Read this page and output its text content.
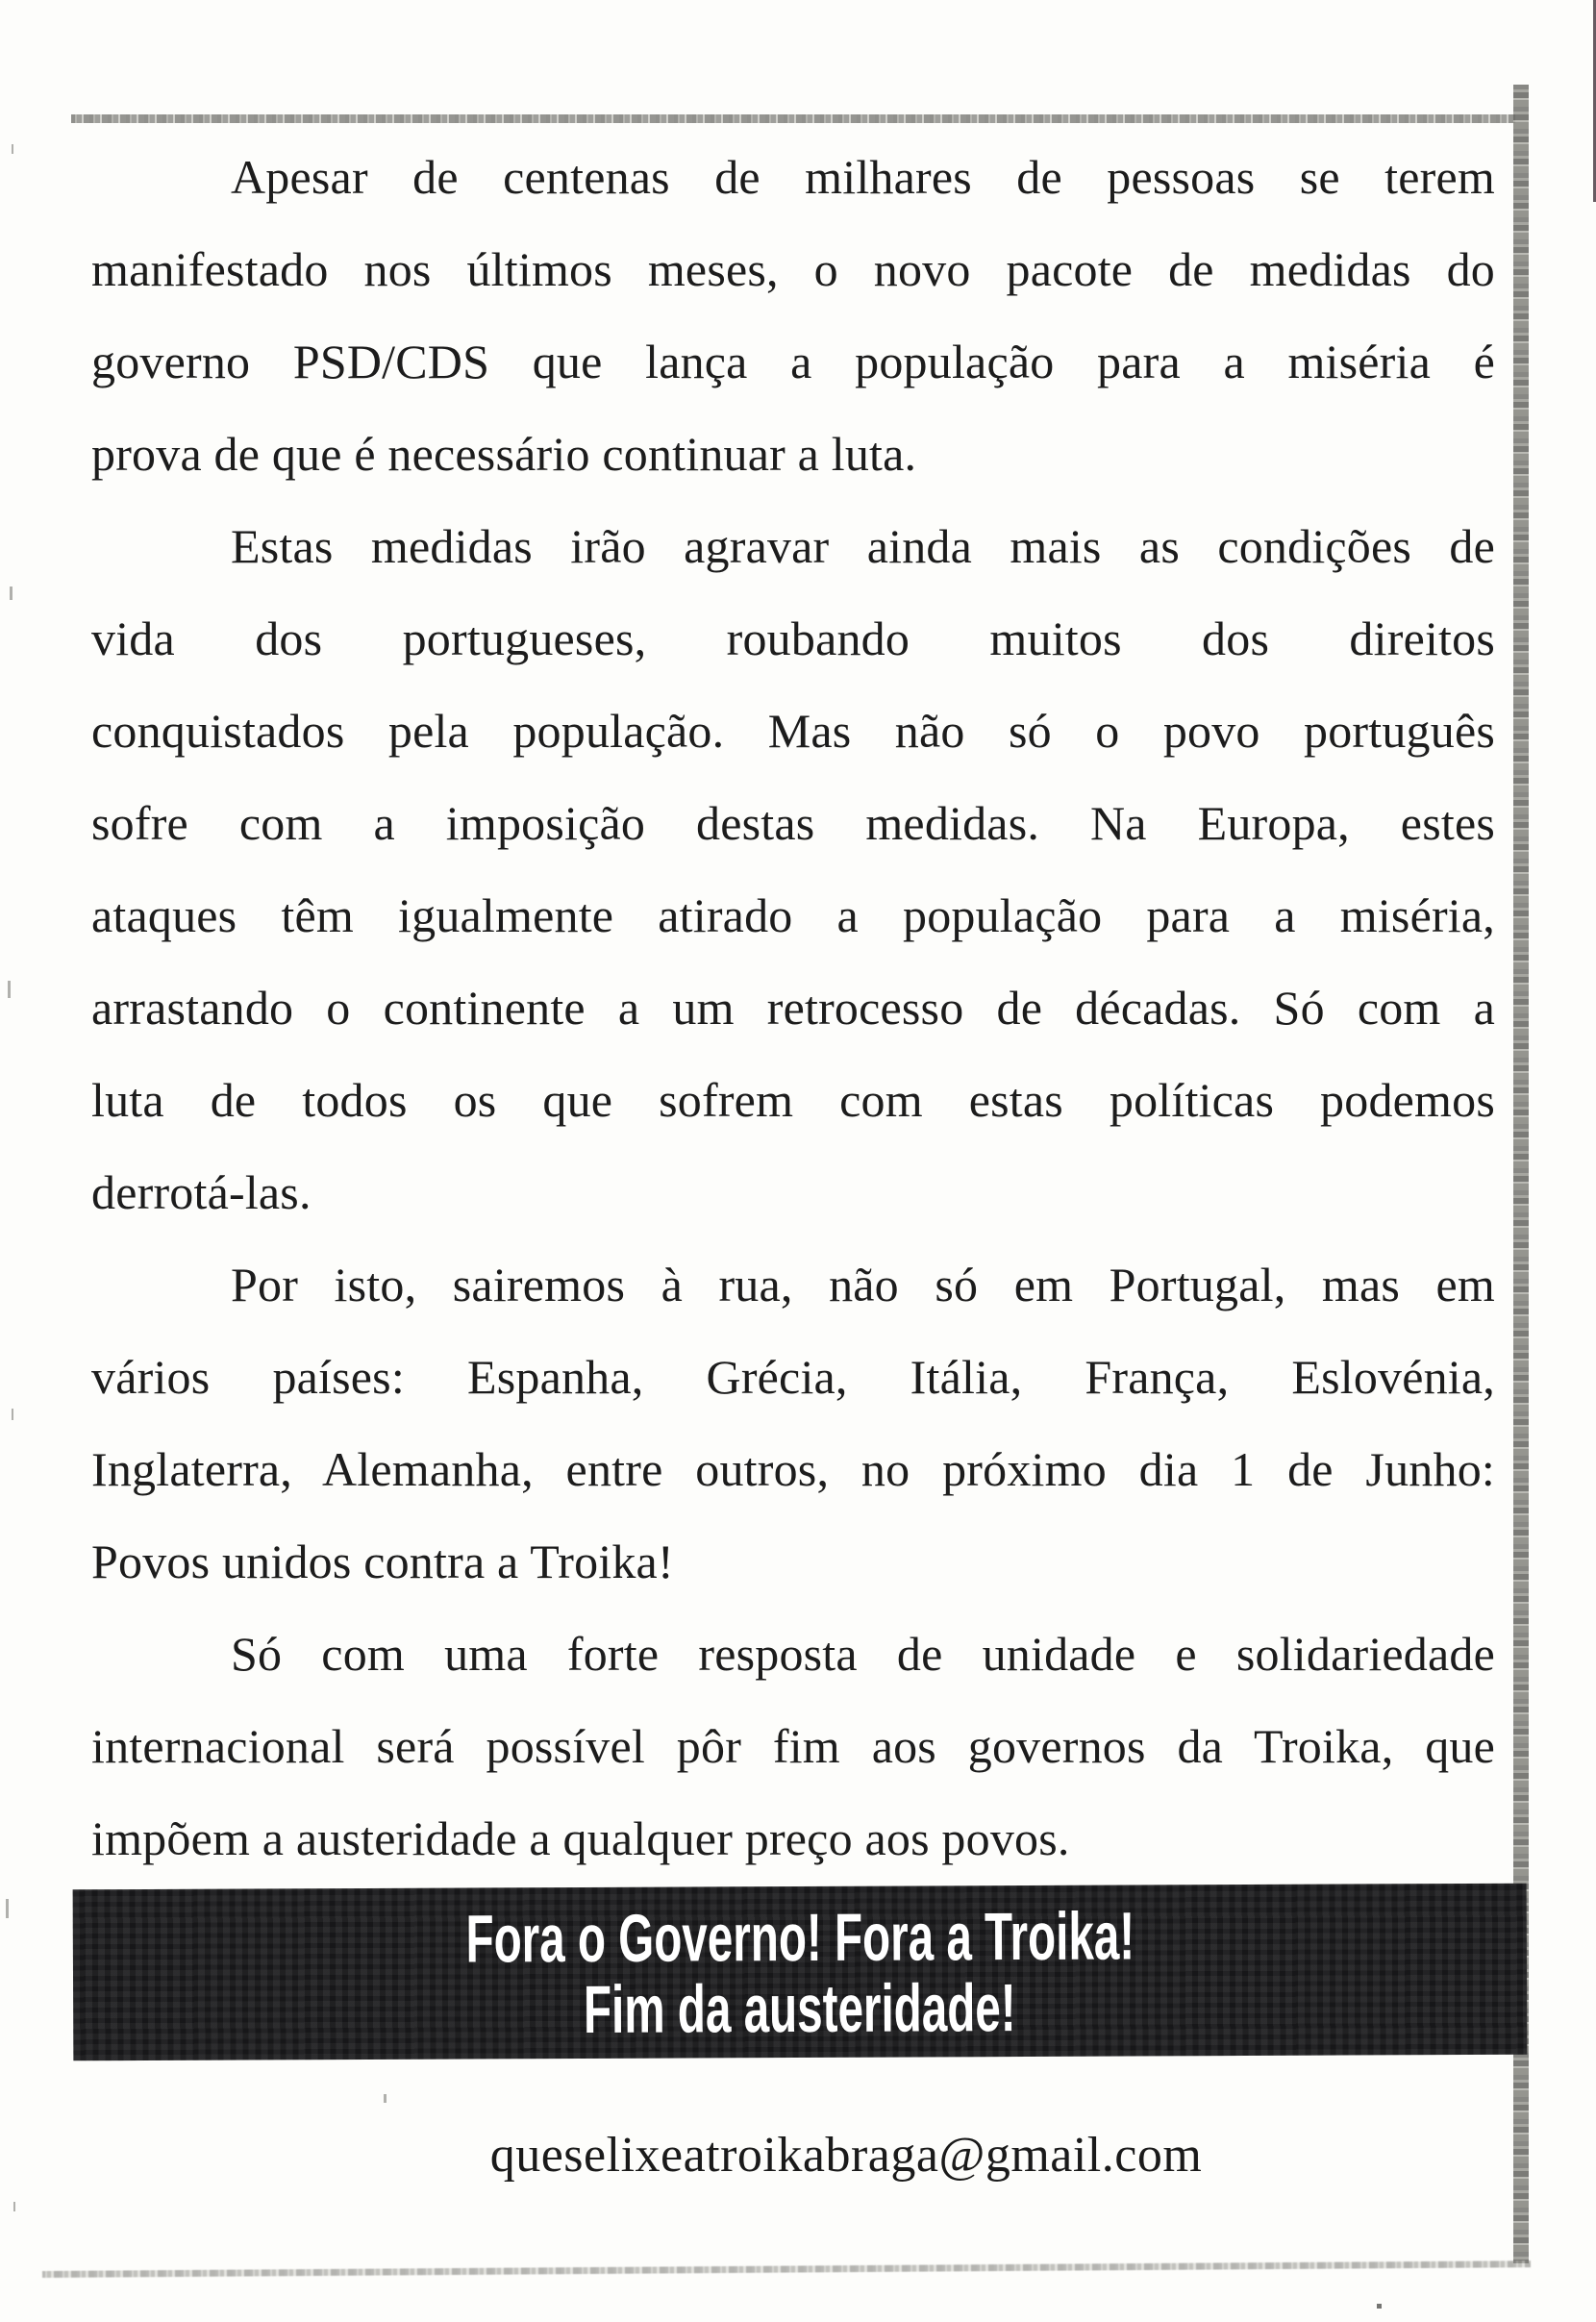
Apesar de centenas de milhares de pessoas se terem
manifestado nos últimos meses, o novo pacote de medidas do
governo PSD/CDS que lança a população para a miséria é
prova de que é necessário continuar a luta.
Estas medidas irão agravar ainda mais as condições de
vida dos portugueses, roubando muitos dos direitos
conquistados pela população. Mas não só o povo português
sofre com a imposição destas medidas. Na Europa, estes
ataques têm igualmente atirado a população para a miséria,
arrastando o continente a um retrocesso de décadas. Só com a
luta de todos os que sofrem com estas políticas podemos
derrotá-las.
Por isto, sairemos à rua, não só em Portugal, mas em
vários países: Espanha, Grécia, Itália, França, Eslovénia,
Inglaterra, Alemanha, entre outros, no próximo dia 1 de Junho:
Povos unidos contra a Troika!
Só com uma forte resposta de unidade e solidariedade
internacional será possível pôr fim aos governos da Troika, que
impõem a austeridade a qualquer preço aos povos.
Fora o Governo! Fora a Troika!
Fim da austeridade!
queselixeatroikabraga@gmail.com
